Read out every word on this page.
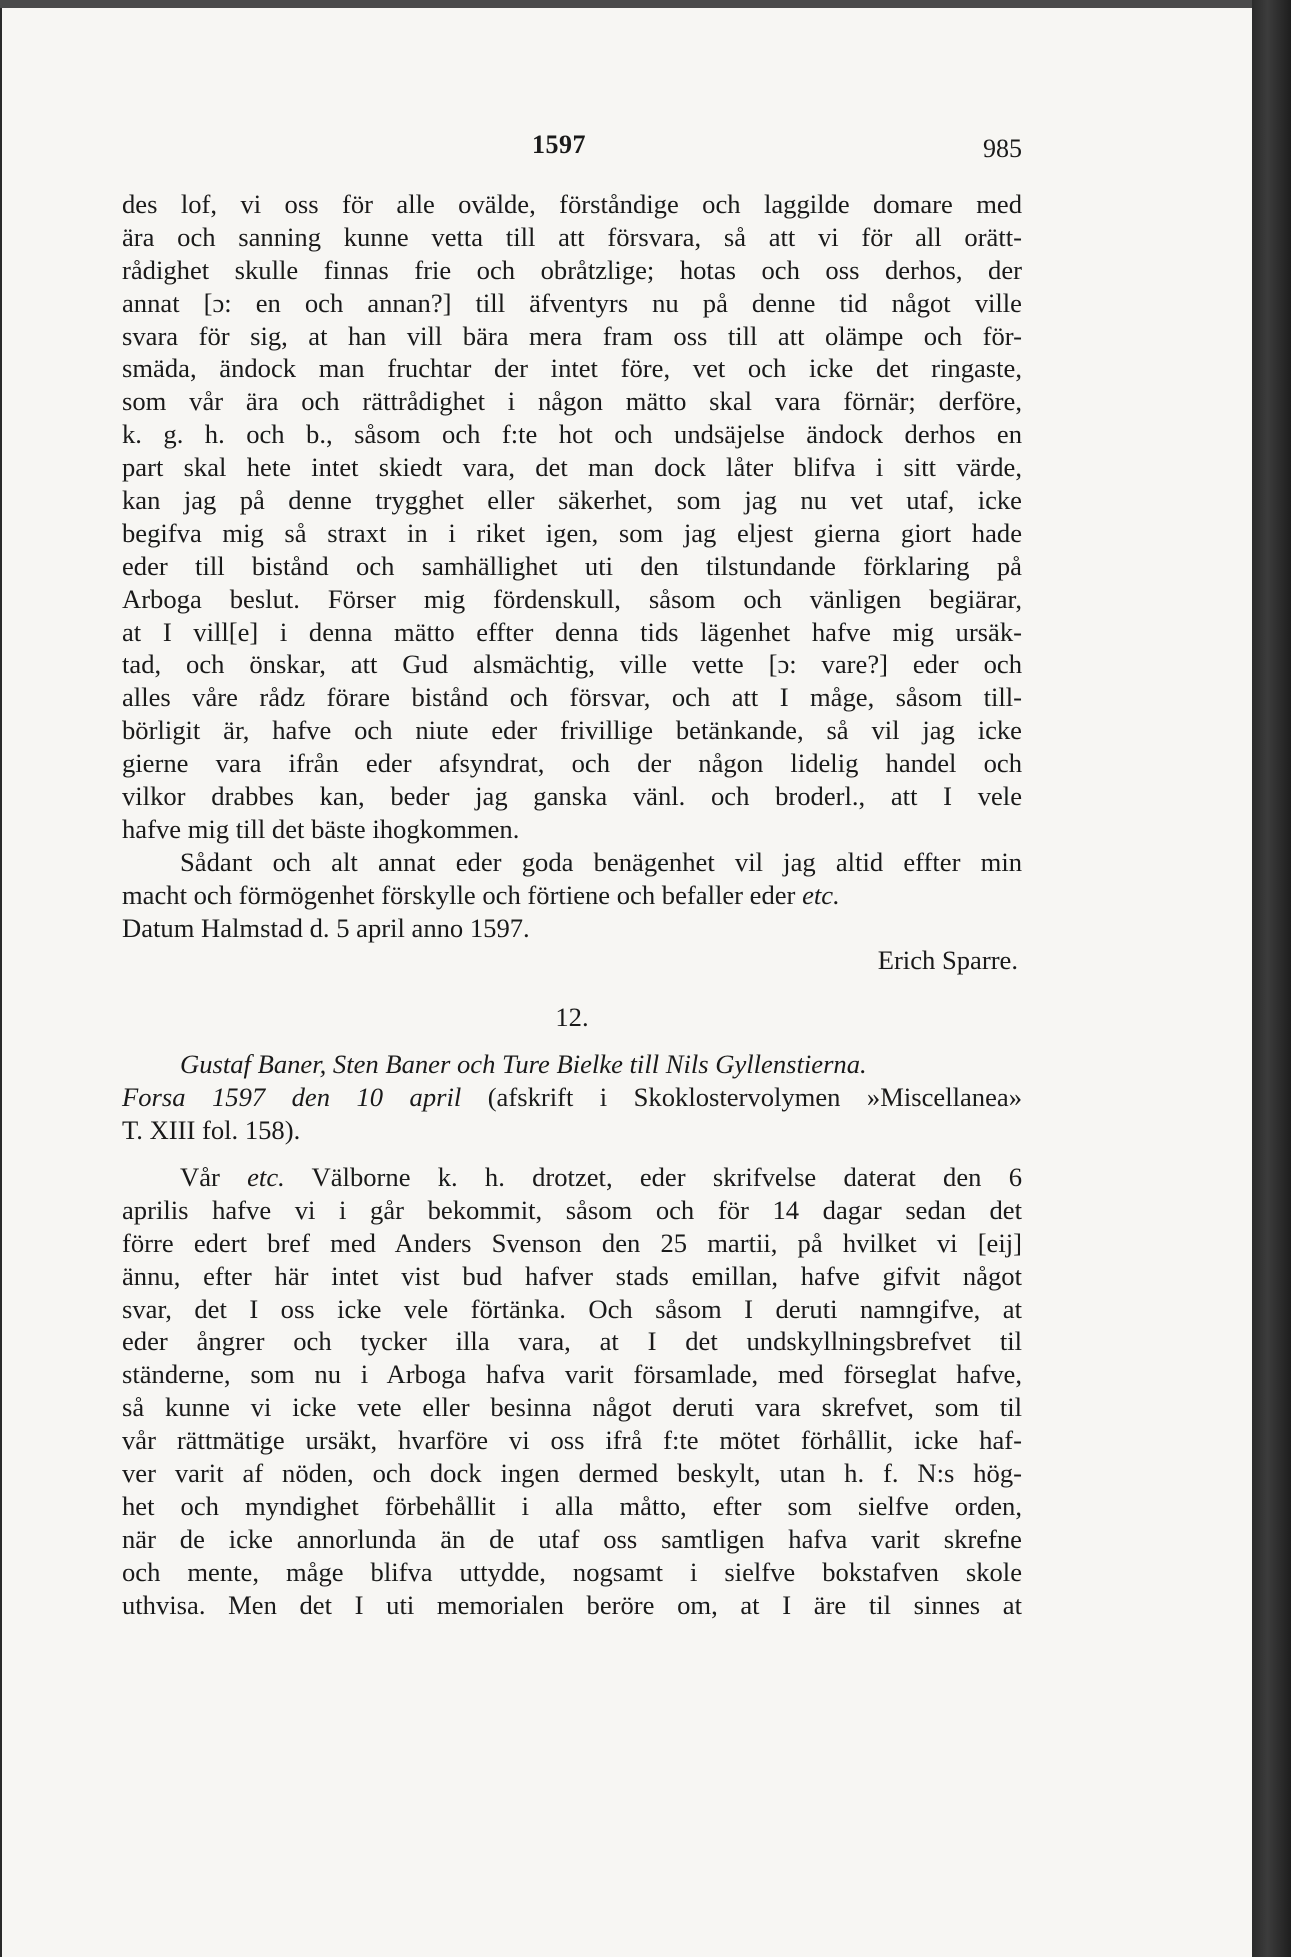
1597	985
des lof, vi oss för alle ovälde, förståndige och laggilde domare med
ära och sanning kunne vetta till att försvara, så att vi för all orätt-
rådighet skulle finnas frie och obråtzlige; hotas och oss derhos, der
annat [ɔ: en och annan?] till äfventyrs nu på denne tid något ville
svara för sig, at han vill bära mera fram oss till att olämpe och för-
smäda, ändock man fruchtar der intet före, vet och icke det ringaste,
som vår ära och rättrådighet i någon mätto skal vara förnär; derföre,
k. g. h. och b., såsom och f:te hot och undsäjelse ändock derhos en
part skal hete intet skiedt vara, det man dock låter blifva i sitt värde,
kan jag på denne trygghet eller säkerhet, som jag nu vet utaf, icke
begifva mig så straxt in i riket igen, som jag eljest gierna giort hade
eder till bistånd och samhällighet uti den tilstundande förklaring på
Arboga beslut. Förser mig fördenskull, såsom och vänligen begiärar,
at I vill[e] i denna mätto effter denna tids lägenhet hafve mig ursäk-
tad, och önskar, att Gud alsmächtig, ville vette [ɔ: vare?] eder och
alles våre rådz förare bistånd och försvar, och att I måge, såsom till-
börligit är, hafve och niute eder frivillige betänkande, så vil jag icke
gierne vara ifrån eder afsyndrat, och der någon lidelig handel och
vilkor drabbes kan, beder jag ganska vänl. och broderl., att I vele
hafve mig till det bäste ihogkommen.
Sådant och alt annat eder goda benägenhet vil jag altid effter min
macht och förmögenhet förskylle och förtiene och befaller eder etc.
Datum Halmstad d. 5 april anno 1597.
Erich Sparre.
12.
Gustaf Baner, Sten Baner och Ture Bielke till Nils Gyllenstierna.
Forsa 1597 den 10 april (afskrift i Skoklostervolymen »Miscellanea»
T. XIII fol. 158).
Vår etc. Välborne k. h. drotzet, eder skrifvelse daterat den 6
aprilis hafve vi i går bekommit, såsom och för 14 dagar sedan det
förre edert bref med Anders Svenson den 25 martii, på hvilket vi [eij]
ännu, efter här intet vist bud hafver stads emillan, hafve gifvit något
svar, det I oss icke vele förtänka. Och såsom I deruti namngifve, at
eder ångrer och tycker illa vara, at I det undskyllningsbrefvet til
ständerne, som nu i Arboga hafva varit församlade, med förseglat hafve,
så kunne vi icke vete eller besinna något deruti vara skrefvet, som til
vår rättmätige ursäkt, hvarföre vi oss ifrå f:te mötet förhållit, icke haf-
ver varit af nöden, och dock ingen dermed beskylt, utan h. f. N:s hög-
het och myndighet förbehållit i alla måtto, efter som sielfve orden,
när de icke annorlunda än de utaf oss samtligen hafva varit skrefne
och mente, måge blifva uttydde, nogsamt i sielfve bokstafven skole
uthvisa. Men det I uti memorialen beröre om, at I äre til sinnes at
